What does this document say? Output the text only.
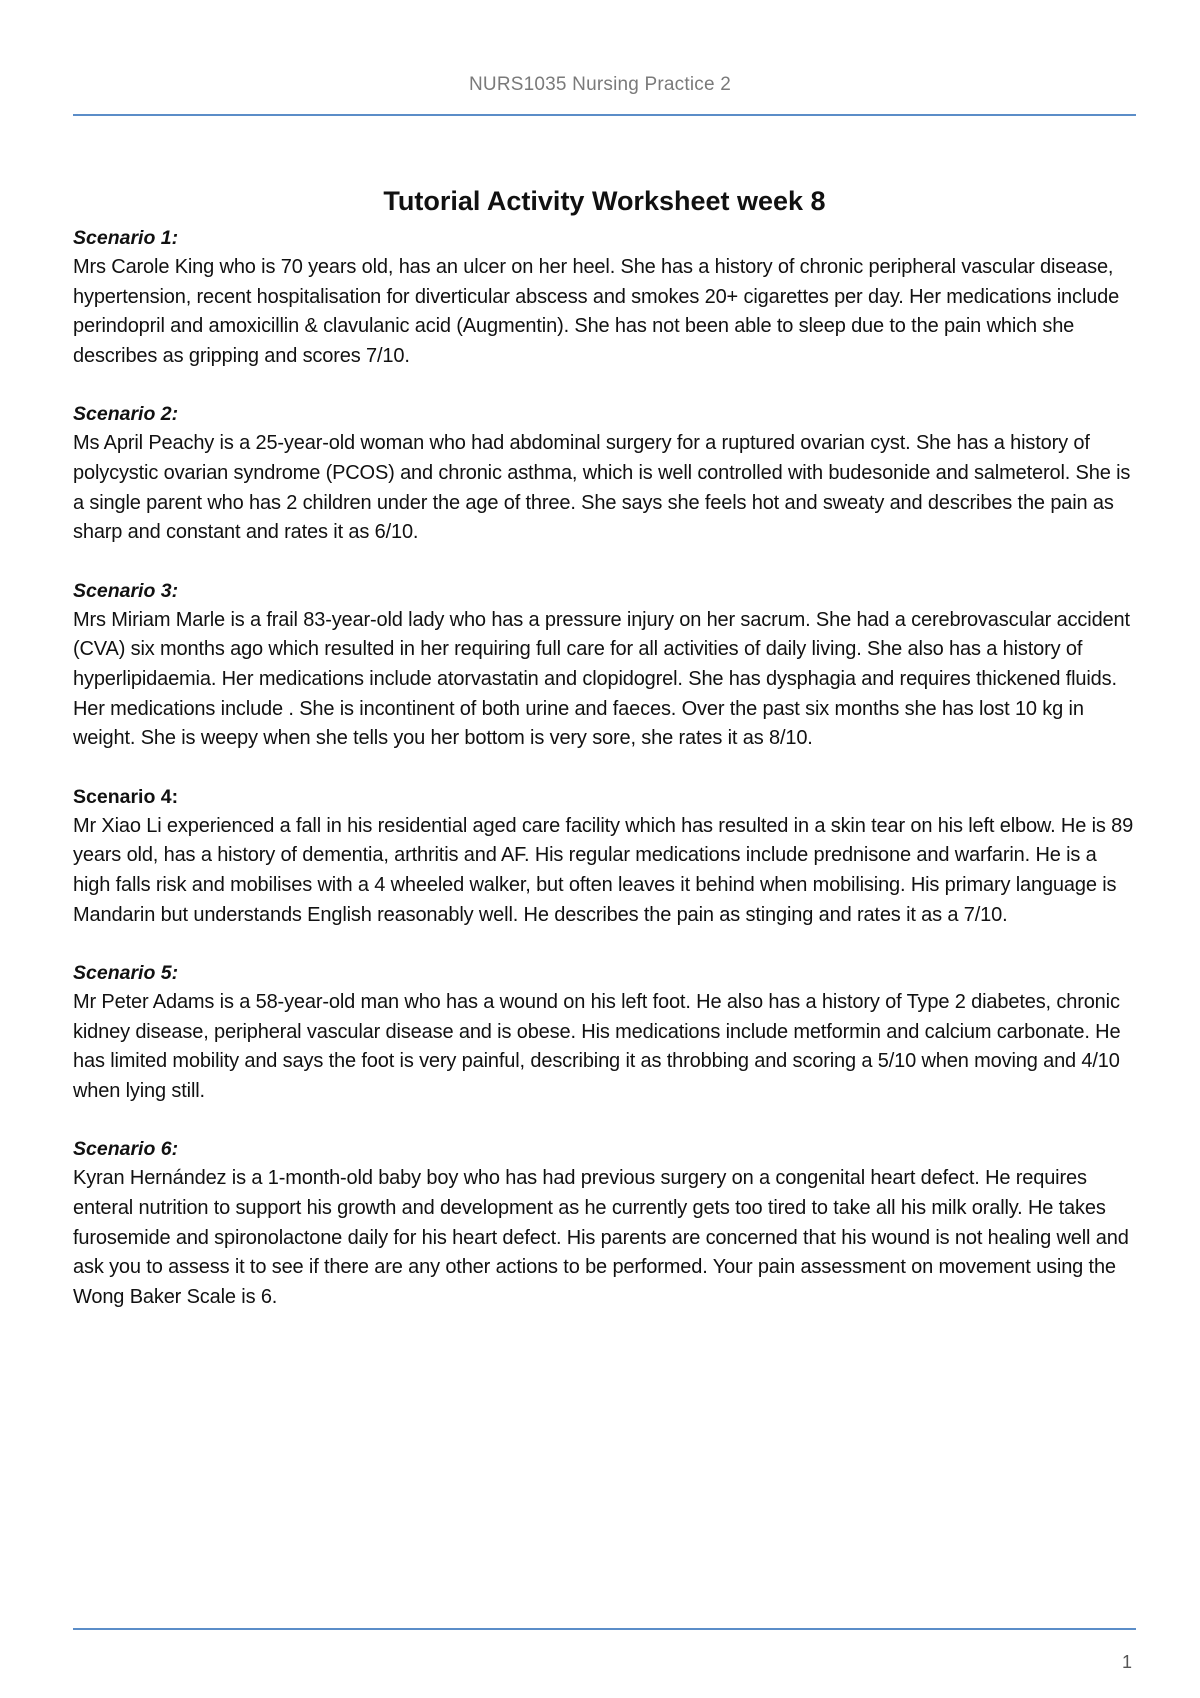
NURS1035 Nursing Practice 2
Tutorial Activity Worksheet week 8

Scenario 1:

Mrs Carole King who is 70 years old, has an ulcer on her heel. She has a history of chronic peripheral vascular disease, hypertension, recent hospitalisation for diverticular abscess and smokes 20+ cigarettes per day. Her medications include perindopril and amoxicillin & clavulanic acid (Augmentin). She has not been able to sleep due to the pain which she describes as gripping and scores 7/10.

Scenario 2:

Ms April Peachy is a 25-year-old woman who had abdominal surgery for a ruptured ovarian cyst. She has a history of polycystic ovarian syndrome (PCOS) and chronic asthma, which is well controlled with budesonide and salmeterol. She is a single parent who has 2 children under the age of three. She says she feels hot and sweaty and describes the pain as sharp and constant and rates it as 6/10.

Scenario 3:

Mrs Miriam Marle is a frail 83-year-old lady who has a pressure injury on her sacrum. She had a cerebrovascular accident (CVA) six months ago which resulted in her requiring full care for all activities of daily living. She also has a history of hyperlipidaemia. Her medications include atorvastatin and clopidogrel. She has dysphagia and requires thickened fluids. Her medications include . She is incontinent of both urine and faeces. Over the past six months she has lost 10 kg in weight. She is weepy when she tells you her bottom is very sore, she rates it as 8/10.

Scenario 4:

Mr Xiao Li experienced a fall in his residential aged care facility which has resulted in a skin tear on his left elbow. He is 89 years old, has a history of dementia, arthritis and AF. His regular medications include prednisone and warfarin. He is a high falls risk and mobilises with a 4 wheeled walker, but often leaves it behind when mobilising. His primary language is Mandarin but understands English reasonably well. He describes the pain as stinging and rates it as a 7/10.

Scenario 5:

Mr Peter Adams is a 58-year-old man who has a wound on his left foot. He also has a history of Type 2 diabetes, chronic kidney disease, peripheral vascular disease and is obese. His medications include metformin and calcium carbonate. He has limited mobility and says the foot is very painful, describing it as throbbing and scoring a 5/10 when moving and 4/10 when lying still.

Scenario 6:

Kyran Hernández is a 1-month-old baby boy who has had previous surgery on a congenital heart defect. He requires enteral nutrition to support his growth and development as he currently gets too tired to take all his milk orally. He takes furosemide and spironolactone daily for his heart defect. His parents are concerned that his wound is not healing well and ask you to assess it to see if there are any other actions to be performed. Your pain assessment on movement using the Wong Baker Scale is 6.

1
